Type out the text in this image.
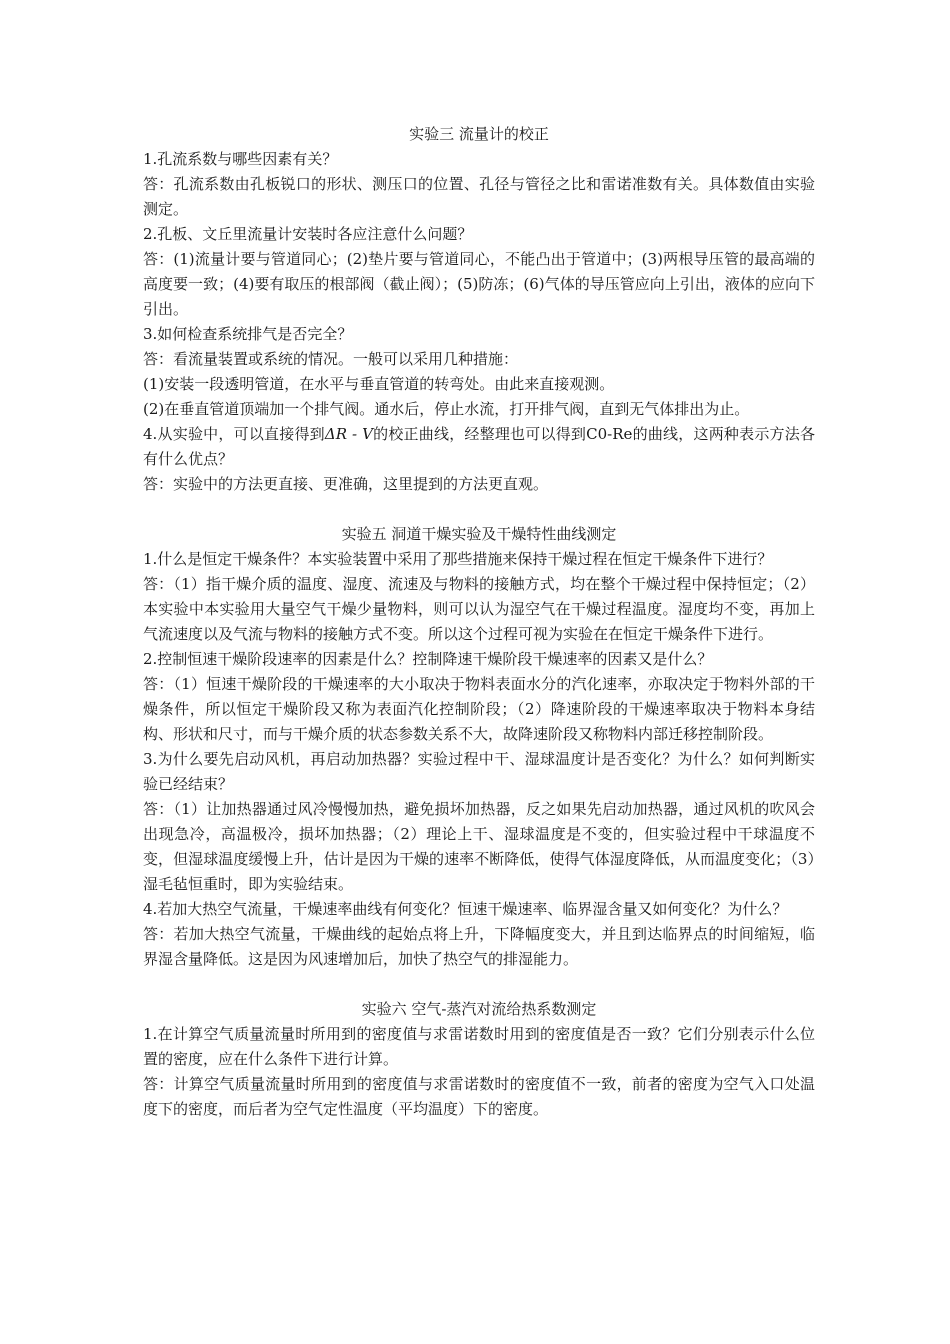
实验三 流量计的校正

1.孔流系数与哪些因素有关？

答：孔流系数由孔板锐口的形状、测压口的位置、孔径与管径之比和雷诺准数有关。具体数值由实验测定。

2.孔板、文丘里流量计安装时各应注意什么问题？

答：(1)流量计要与管道同心；(2)垫片要与管道同心，不能凸出于管道中；(3)两根导压管的最高端的高度要一致；(4)要有取压的根部阀（截止阀）；(5)防冻；(6)气体的导压管应向上引出，液体的应向下引出。

3.如何检查系统排气是否完全？

答：看流量装置或系统的情况。一般可以采用几种措施：

(1)安装一段透明管道，在水平与垂直管道的转弯处。由此来直接观测。

(2)在垂直管道顶端加一个排气阀。通水后，停止水流，打开排气阀，直到无气体排出为止。

4.从实验中，可以直接得到ΔR - V的校正曲线，经整理也可以得到C0-Re的曲线，这两种表示方法各有什么优点？

答：实验中的方法更直接、更准确，这里提到的方法更直观。

实验五 洞道干燥实验及干燥特性曲线测定

1.什么是恒定干燥条件？本实验装置中采用了那些措施来保持干燥过程在恒定干燥条件下进行？

答：（1）指干燥介质的温度、湿度、流速及与物料的接触方式，均在整个干燥过程中保持恒定；（2）本实验中本实验用大量空气干燥少量物料，则可以认为湿空气在干燥过程温度。湿度均不变，再加上气流速度以及气流与物料的接触方式不变。所以这个过程可视为实验在在恒定干燥条件下进行。

2.控制恒速干燥阶段速率的因素是什么？控制降速干燥阶段干燥速率的因素又是什么？

答：（1）恒速干燥阶段的干燥速率的大小取决于物料表面水分的汽化速率，亦取决定于物料外部的干燥条件，所以恒定干燥阶段又称为表面汽化控制阶段；（2）降速阶段的干燥速率取决于物料本身结构、形状和尺寸，而与干燥介质的状态参数关系不大，故降速阶段又称物料内部迁移控制阶段。

3.为什么要先启动风机，再启动加热器？实验过程中干、湿球温度计是否变化？为什么？如何判断实验已经结束？

答：（1）让加热器通过风冷慢慢加热，避免损坏加热器，反之如果先启动加热器，通过风机的吹风会出现急冷，高温极冷，损坏加热器；（2）理论上干、湿球温度是不变的，但实验过程中干球温度不变，但湿球温度缓慢上升，估计是因为干燥的速率不断降低，使得气体湿度降低，从而温度变化；（3）湿毛毡恒重时，即为实验结束。

4.若加大热空气流量，干燥速率曲线有何变化？恒速干燥速率、临界湿含量又如何变化？为什么？

答：若加大热空气流量，干燥曲线的起始点将上升，下降幅度变大，并且到达临界点的时间缩短，临界湿含量降低。这是因为风速增加后，加快了热空气的排湿能力。

实验六 空气-蒸汽对流给热系数测定

1.在计算空气质量流量时所用到的密度值与求雷诺数时用到的密度值是否一致？它们分别表示什么位置的密度，应在什么条件下进行计算。

答：计算空气质量流量时所用到的密度值与求雷诺数时的密度值不一致，前者的密度为空气入口处温度下的密度，而后者为空气定性温度（平均温度）下的密度。
